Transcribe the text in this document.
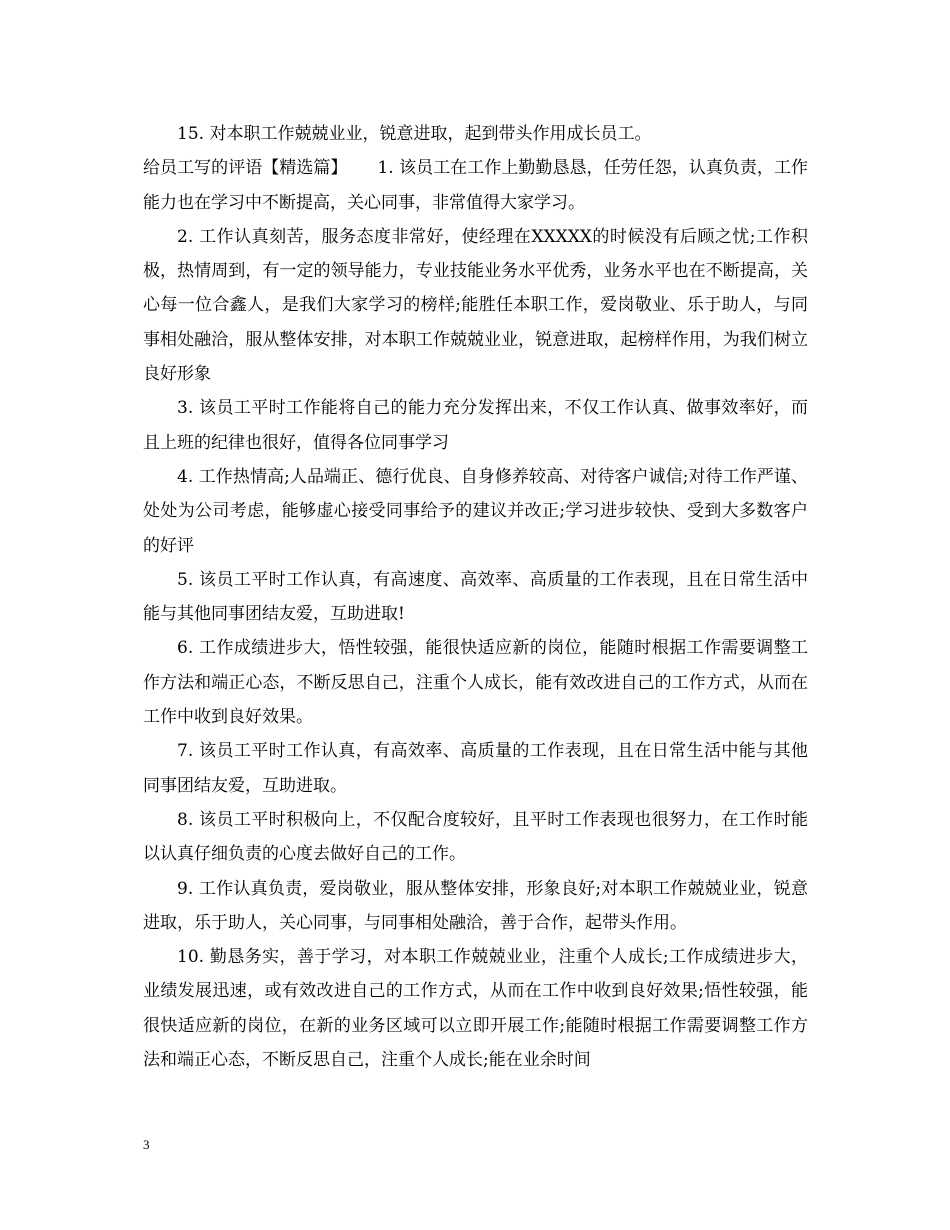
15. 对本职工作兢兢业业，锐意进取，起到带头作用成长员工。

给员工写的评语【精选篇】 1. 该员工在工作上勤勤恳恳，任劳任怨，认真负责，工作能力也在学习中不断提高，关心同事，非常值得大家学习。

2. 工作认真刻苦，服务态度非常好，使经理在XXXXX的时候没有后顾之忧;工作积极，热情周到，有一定的领导能力，专业技能业务水平优秀，业务水平也在不断提高，关心每一位合鑫人，是我们大家学习的榜样;能胜任本职工作，爱岗敬业、乐于助人，与同事相处融洽，服从整体安排，对本职工作兢兢业业，锐意进取，起榜样作用，为我们树立良好形象

3. 该员工平时工作能将自己的能力充分发挥出来，不仅工作认真、做事效率好，而且上班的纪律也很好，值得各位同事学习

4. 工作热情高;人品端正、德行优良、自身修养较高、对待客户诚信;对待工作严谨、处处为公司考虑，能够虚心接受同事给予的建议并改正;学习进步较快、受到大多数客户的好评

5. 该员工平时工作认真，有高速度、高效率、高质量的工作表现，且在日常生活中能与其他同事团结友爱，互助进取!

6. 工作成绩进步大，悟性较强，能很快适应新的岗位，能随时根据工作需要调整工作方法和端正心态，不断反思自己，注重个人成长，能有效改进自己的工作方式，从而在工作中收到良好效果。

7. 该员工平时工作认真，有高效率、高质量的工作表现，且在日常生活中能与其他同事团结友爱，互助进取。

8. 该员工平时积极向上，不仅配合度较好，且平时工作表现也很努力，在工作时能以认真仔细负责的心度去做好自己的工作。

9. 工作认真负责，爱岗敬业，服从整体安排，形象良好;对本职工作兢兢业业，锐意进取，乐于助人，关心同事，与同事相处融洽，善于合作，起带头作用。

10. 勤恳务实，善于学习，对本职工作兢兢业业，注重个人成长;工作成绩进步大，业绩发展迅速，或有效改进自己的工作方式，从而在工作中收到良好效果;悟性较强，能很快适应新的岗位，在新的业务区域可以立即开展工作;能随时根据工作需要调整工作方法和端正心态，不断反思自己，注重个人成长;能在业余时间

3
